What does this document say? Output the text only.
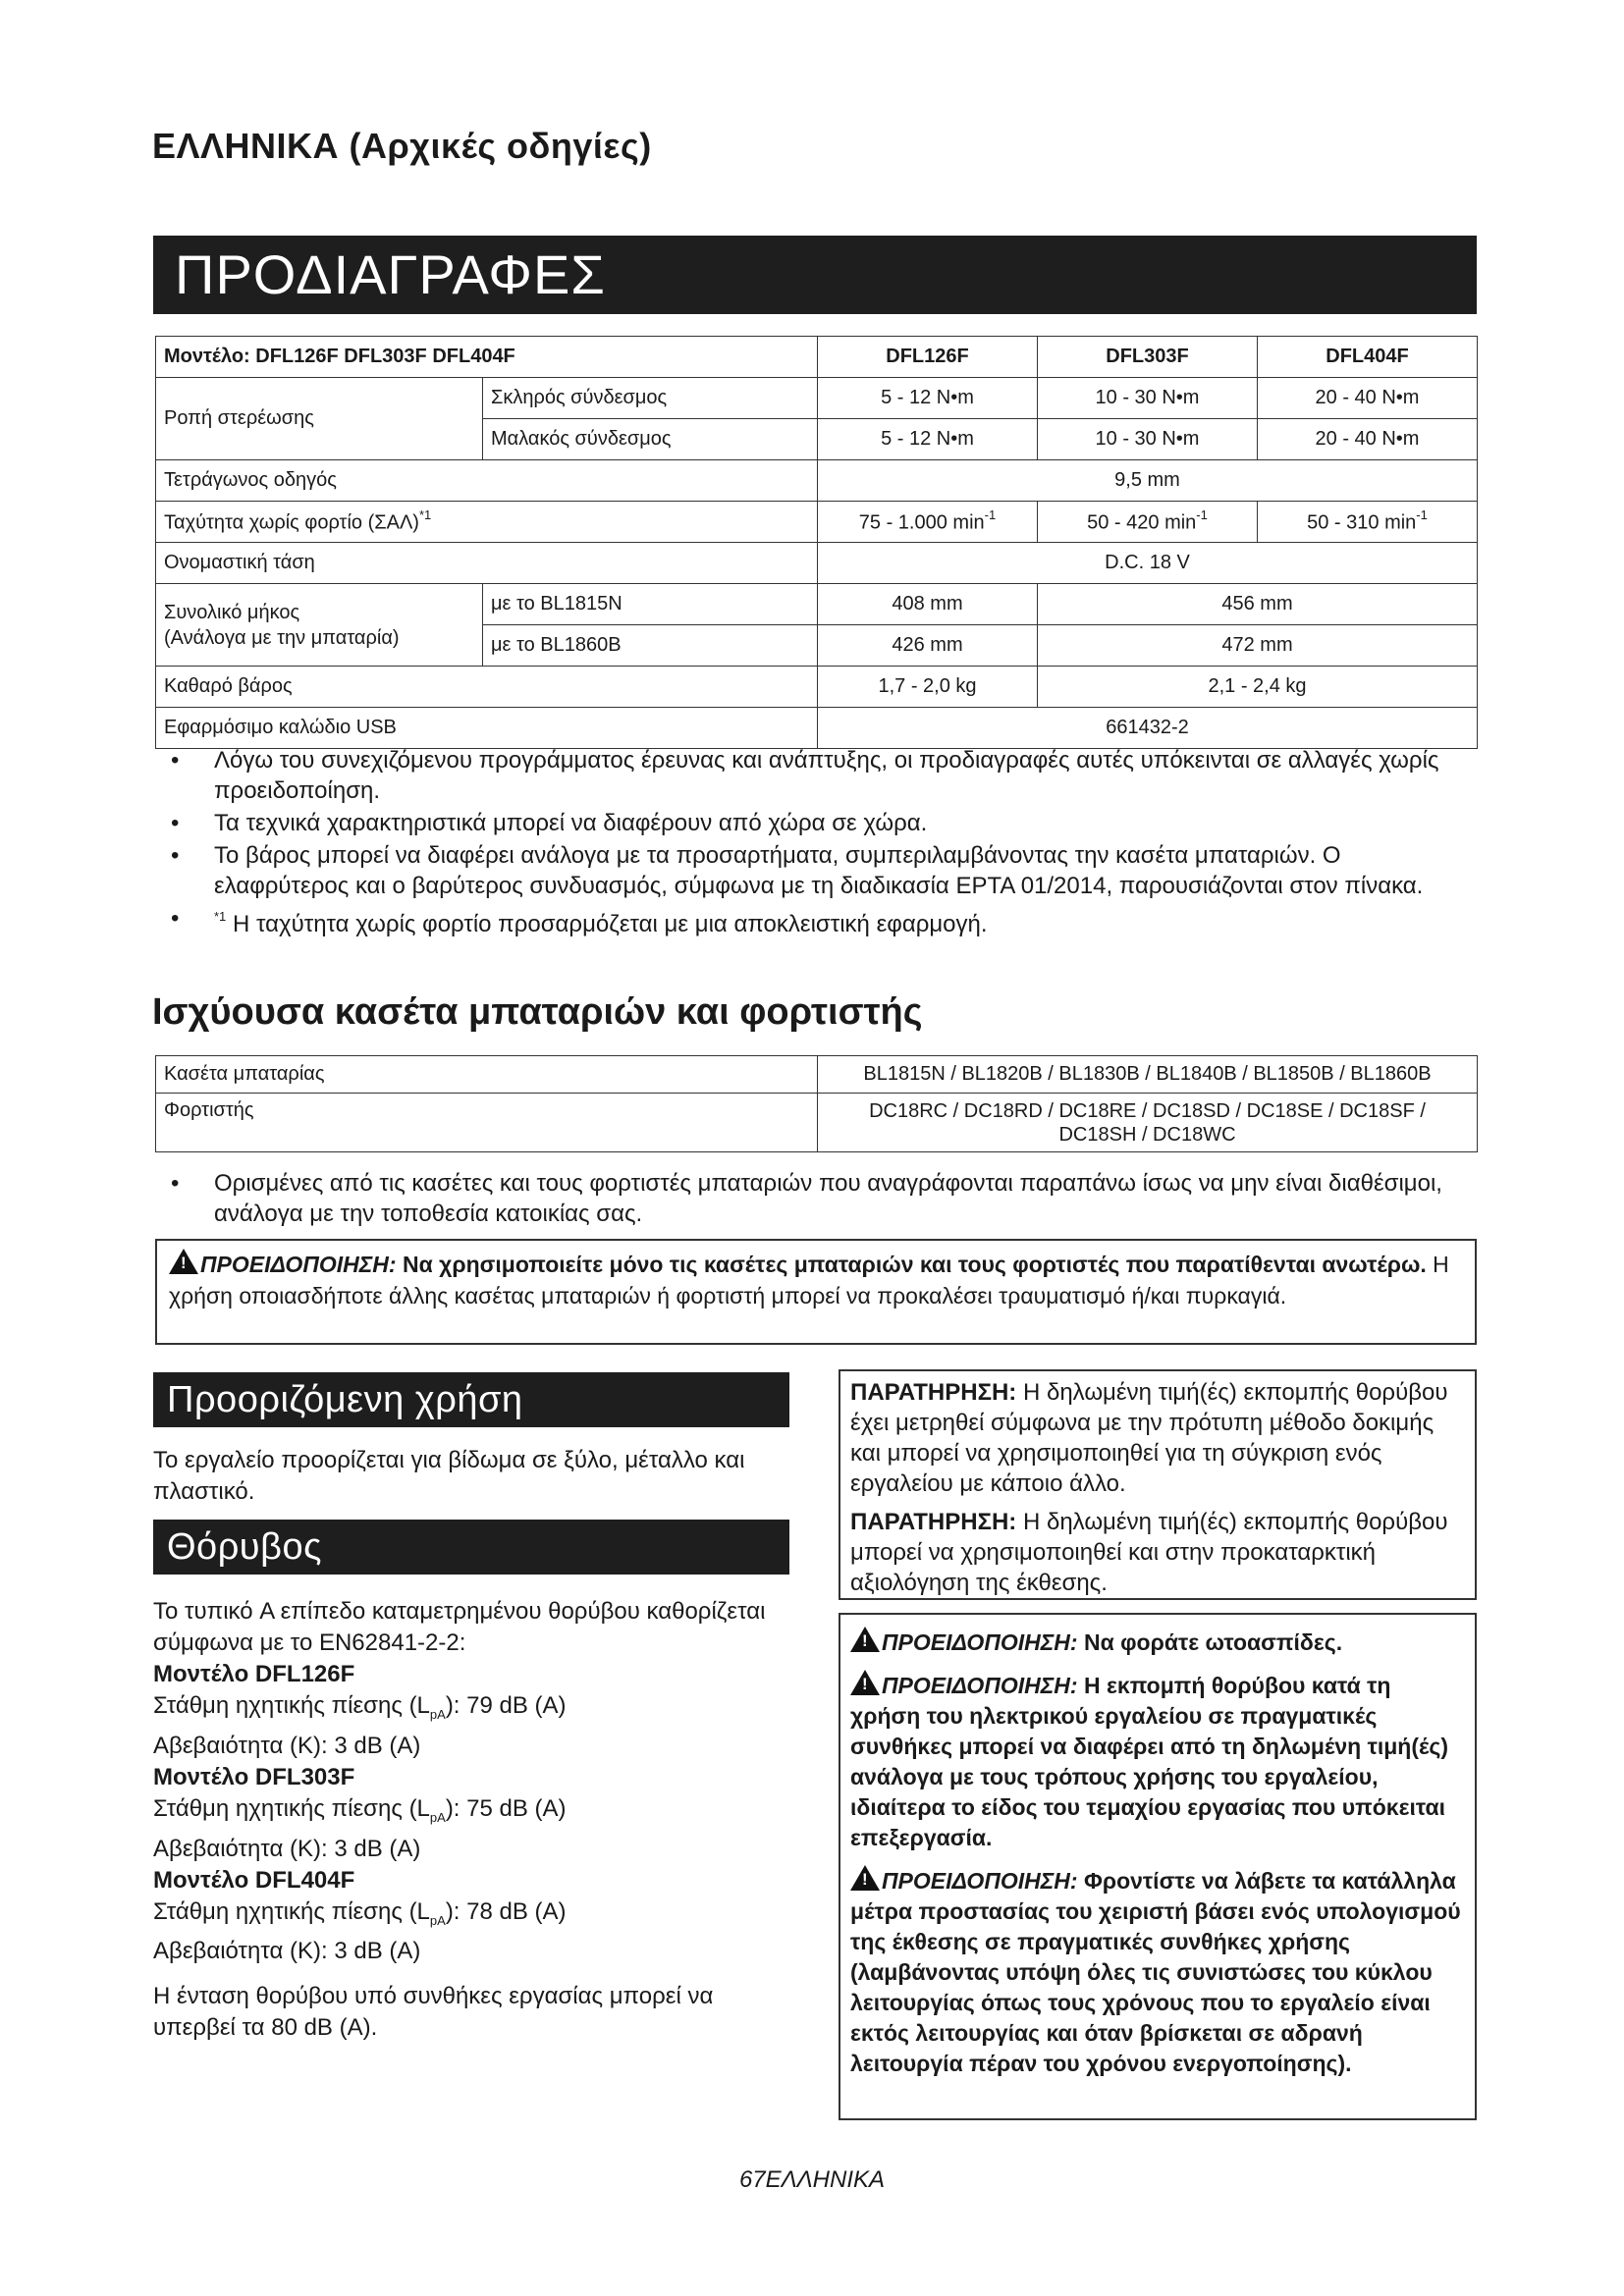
ΕΛΛΗΝΙΚΑ (Αρχικές οδηγίες)
ΠΡΟΔΙΑΓΡΑΦΕΣ
Μοντέλο: DFL126F DFL303F DFL404F		DFL126F	DFL303F	DFL404F
Ροπή στερέωσης	Σκληρός σύνδεσμος	5 - 12 N•m	10 - 30 N•m	20 - 40 N•m
	Μαλακός σύνδεσμος	5 - 12 N•m	10 - 30 N•m	20 - 40 N•m
Τετράγωνος οδηγός		9,5 mm		
Ταχύτητα χωρίς φορτίο $(\Sigma A\Lambda)^{*1}$		75 - 1.000 $\min^{-1}$	50 - 420 $\min^{-1}$	50 - 310 $\min^{-1}$
Ονομαστική τάση		D.C. 18 V		

Συνολικό μήκος
(Ανάλογα με την μπαταρία)	με το BL1815N	408 mm	456 mm	
	με το BL1860B	426 mm	472 mm	
Καθαρό βάρος		1,7 - 2,0 kg	2,1 - 2,4 kg	
Εφαρμόσιμο καλώδιο USB		661432-2		
• Λόγω του συνεχιζόμενου προγράμματος έρευνας και ανάπτυξης, οι προδιαγραφές αυτές υπόκεινται σε αλλαγές χωρίς προειδοποίηση.
• Τα τεχνικά χαρακτηριστικά μπορεί να διαφέρουν από χώρα σε χώρα.
• Το βάρος μπορεί να διαφέρει ανάλογα με τα προσαρτήματα, συμπεριλαμβάνοντας την κασέτα μπαταριών. Ο ελαφρύτερος και ο βαρύτερος συνδυασμός, σύμφωνα με τη διαδικασία EPTA 01/2014, παρουσιάζονται στον πίνακα.
• $^{*1}$ Η ταχύτητα χωρίς φορτίο προσαρμόζεται με μια αποκλειστική εφαρμογή.
Ισχύουσα κασέτα μπαταριών και φορτιστής
Κασέτα μπαταρίας	BL1815N / BL1820B / BL1830B / BL1840B / BL1850B / BL1860B
Φορτιστής	DC18RC / DC18RD / DC18RE / DC18SD / DC18SE / DC18SF /
DC18SH / DC18WC
• Ορισμένες από τις κασέτες και τους φορτιστές μπαταριών που αναγράφονται παραπάνω ίσως να μην είναι διαθέσιμοι, ανάλογα με την τοποθεσία κατοικίας σας.
!ΠΡΟΕΙΔΟΠΟΙΗΣΗ: Να χρησιμοποιείτε μόνο τις κασέτες μπαταριών και τους φορτιστές που παρατίθενται ανωτέρω. Η χρήση οποιασδήποτε άλλης κασέτας μπαταριών ή φορτιστή μπορεί να προκαλέσει τραυματισμό ή/και πυρκαγιά.
Προοριζόμενη χρήση
Το εργαλείο προορίζεται για βίδωμα σε ξύλο, μέταλλο και πλαστικό.
Θόρυβος
Το τυπικό A επίπεδο καταμετρημένου θορύβου καθορίζεται σύμφωνα με το EN62841-2-2:
Μοντέλο DFL126F
Στάθμη ηχητικής πίεσης $(L_{pA})$: 79 dB (A)
Αβεβαιότητα (K): 3 dB (A)
Μοντέλο DFL303F
Στάθμη ηχητικής πίεσης $(L_{pA})$: 75 dB (A)
Αβεβαιότητα (K): 3 dB (A)
Μοντέλο DFL404F
Στάθμη ηχητικής πίεσης $(L_{pA})$: 78 dB (A)
Αβεβαιότητα (K): 3 dB (A)
Η ένταση θορύβου υπό συνθήκες εργασίας μπορεί να υπερβεί τα 80 dB (A).
ΠΑΡΑΤΗΡΗΣΗ: Η δηλωμένη τιμή(ές) εκπομπής θορύβου έχει μετρηθεί σύμφωνα με την πρότυπη μέθοδο δοκιμής και μπορεί να χρησιμοποιηθεί για τη σύγκριση ενός εργαλείου με κάποιο άλλο.
ΠΑΡΑΤΗΡΗΣΗ: Η δηλωμένη τιμή(ές) εκπομπής θορύβου μπορεί να χρησιμοποιηθεί και στην προκαταρκτική αξιολόγηση της έκθεσης.
!ΠΡΟΕΙΔΟΠΟΙΗΣΗ: Να φοράτε ωτοασπίδες.
!ΠΡΟΕΙΔΟΠΟΙΗΣΗ: Η εκπομπή θορύβου κατά τη χρήση του ηλεκτρικού εργαλείου σε πραγματικές συνθήκες μπορεί να διαφέρει από τη δηλωμένη τιμή(ές) ανάλογα με τους τρόπους χρήσης του εργαλείου, ιδιαίτερα το είδος του τεμαχίου εργασίας που υπόκειται επεξεργασία.
!ΠΡΟΕΙΔΟΠΟΙΗΣΗ: Φροντίστε να λάβετε τα κατάλληλα μέτρα προστασίας του χειριστή βάσει ενός υπολογισμού της έκθεσης σε πραγματικές συνθήκες χρήσης (λαμβάνοντας υπόψη όλες τις συνιστώσες του κύκλου λειτουργίας όπως τους χρόνους που το εργαλείο είναι εκτός λειτουργίας και όταν βρίσκεται σε αδρανή λειτουργία πέραν του χρόνου ενεργοποίησης).
67ΕΛΛΗΝΙΚΑ
